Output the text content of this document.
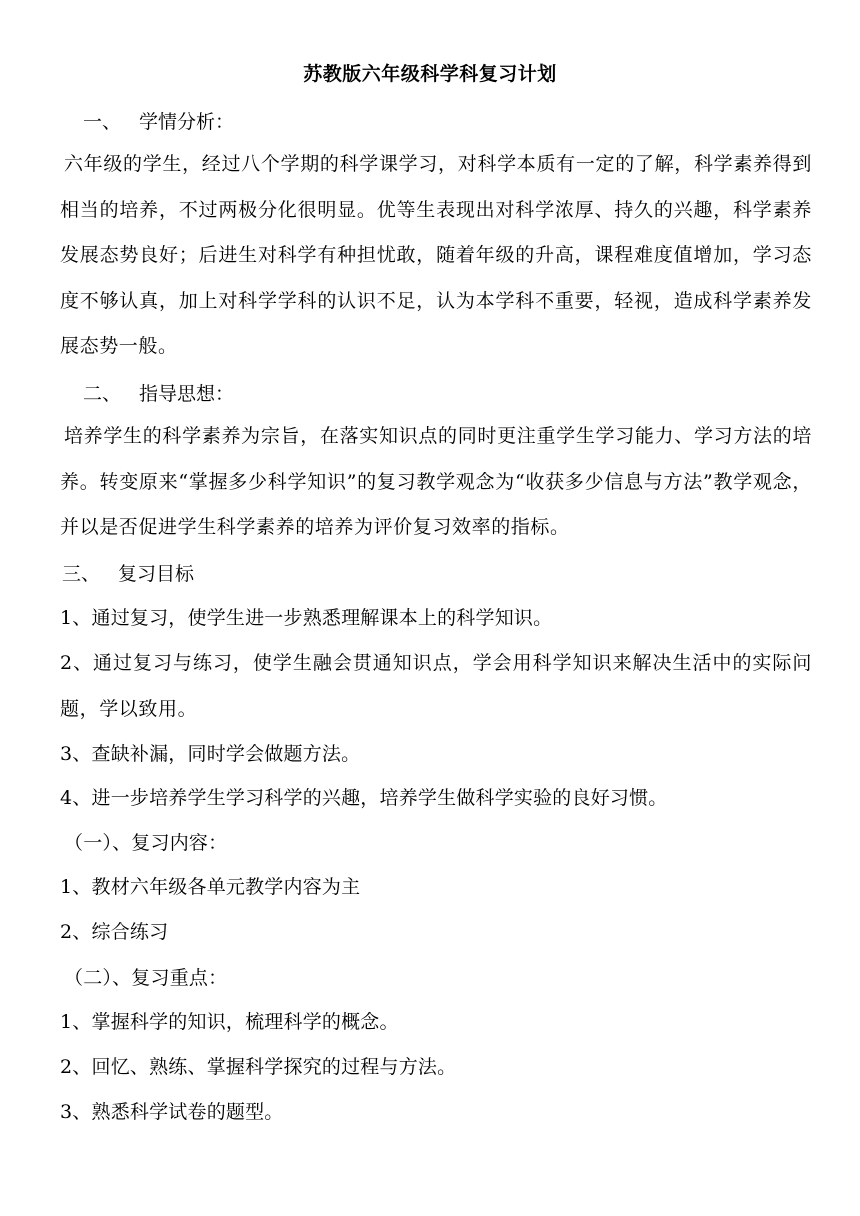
苏教版六年级科学科复习计划
一、 学情分析：
六年级的学生，经过八个学期的科学课学习，对科学本质有一定的了解，科学素养得到相当的培养，不过两极分化很明显。优等生表现出对科学浓厚、持久的兴趣，科学素养发展态势良好；后进生对科学有种担忧敢，随着年级的升高，课程难度值增加，学习态度不够认真，加上对科学学科的认识不足，认为本学科不重要，轻视，造成科学素养发展态势一般。
二、 指导思想：
培养学生的科学素养为宗旨，在落实知识点的同时更注重学生学习能力、学习方法的培养。转变原来“掌握多少科学知识”的复习教学观念为“收获多少信息与方法”教学观念，并以是否促进学生科学素养的培养为评价复习效率的指标。
三、 复习目标
1、通过复习，使学生进一步熟悉理解课本上的科学知识。
2、通过复习与练习，使学生融会贯通知识点，学会用科学知识来解决生活中的实际问题，学以致用。
3、查缺补漏，同时学会做题方法。
4、进一步培养学生学习科学的兴趣，培养学生做科学实验的良好习惯。
（一）、复习内容：
1、教材六年级各单元教学内容为主
2、综合练习
（二）、复习重点：
1、掌握科学的知识，梳理科学的概念。
2、回忆、熟练、掌握科学探究的过程与方法。
3、熟悉科学试卷的题型。
